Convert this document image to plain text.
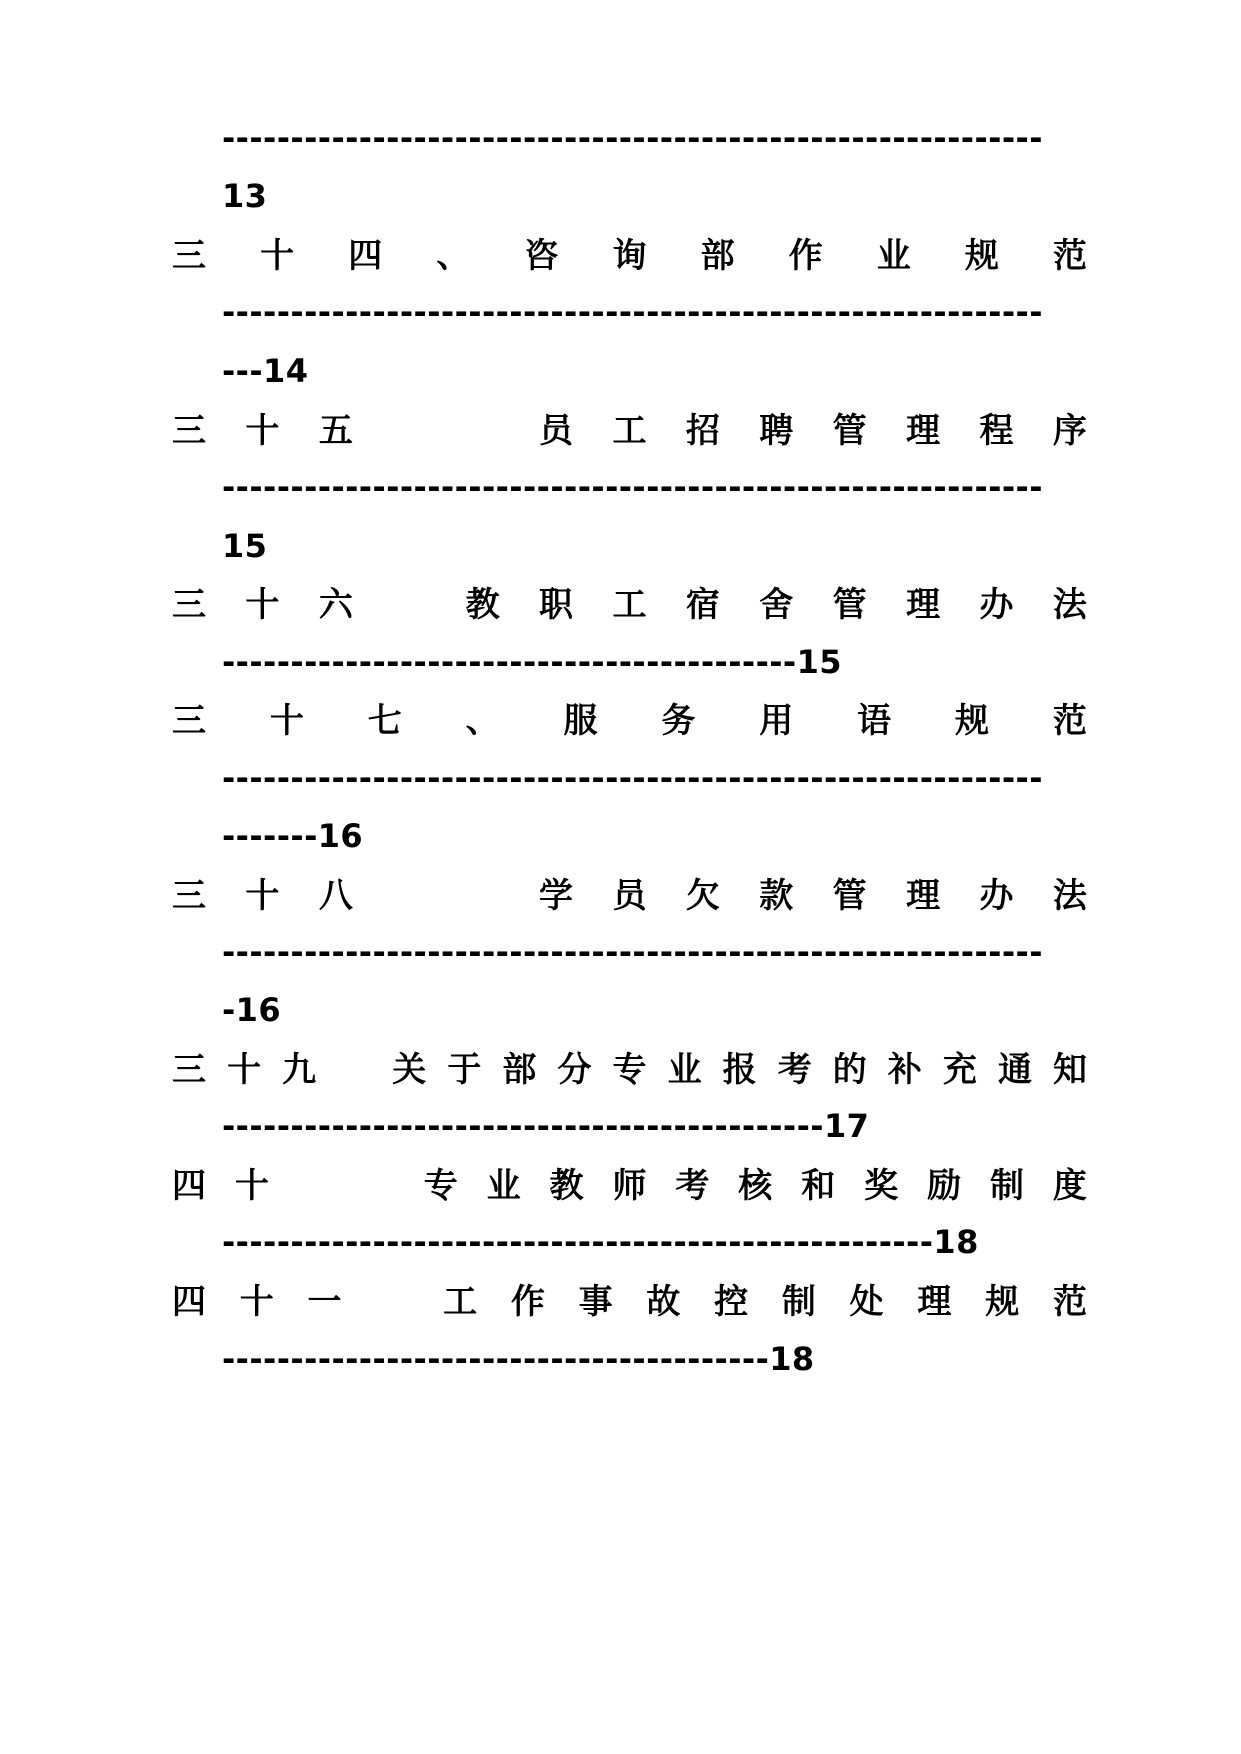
------------------------------------------------------------

13

三 十 四 、 咨 询 部 作 业 规 范

------------------------------------------------------------

---14

三 十 五	员 工 招 聘 管 理 程 序

------------------------------------------------------------

15

三 十 六	教 职 工 宿 舍 管 理 办 法

------------------------------------------15

三 十 七 、 服 务 用 语 规 范

------------------------------------------------------------

-------16

三 十 八	学 员 欠 款 管 理 办 法

------------------------------------------------------------

-16

三 十 九 关 于 部 分 专 业 报 考 的 补 充 通 知

--------------------------------------------17

四 十	专 业 教 师 考 核 和 奖 励 制 度

----------------------------------------------------18

四 十 一	工 作 事 故 控 制 处 理 规 范

----------------------------------------18
